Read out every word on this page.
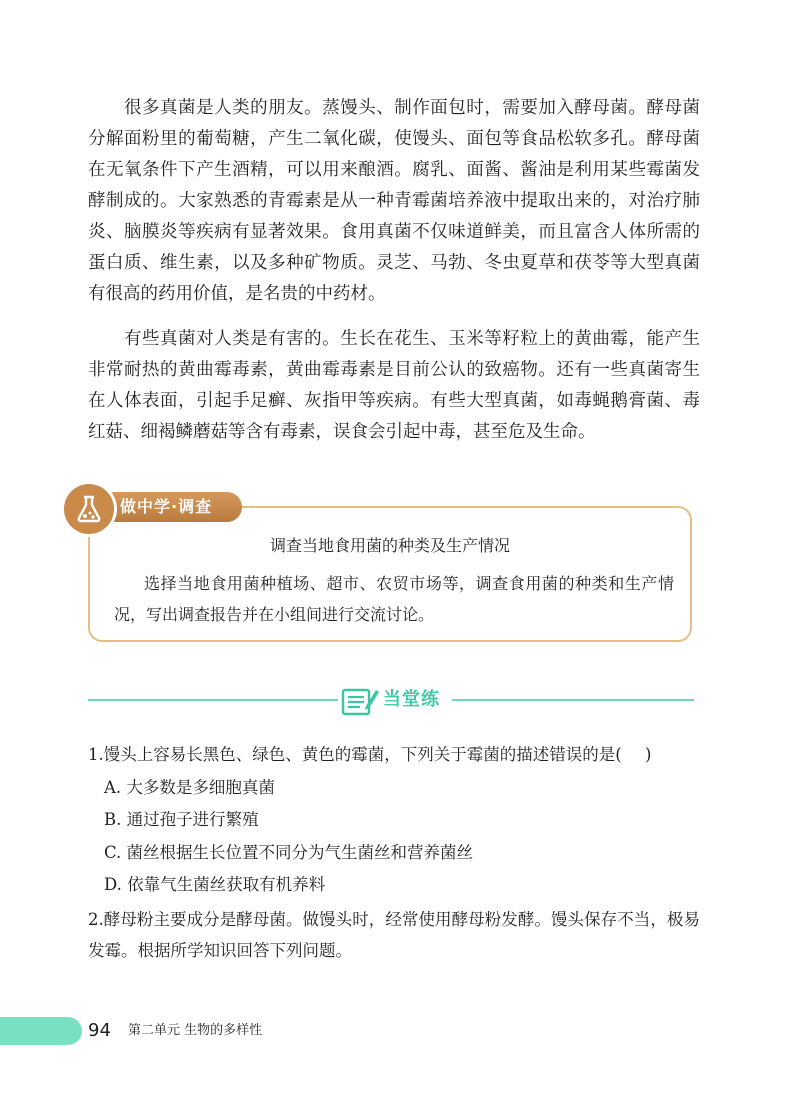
很多真菌是人类的朋友。蒸馒头、制作面包时，需要加入酵母菌。酵母菌分解面粉里的葡萄糖，产生二氧化碳，使馒头、面包等食品松软多孔。酵母菌在无氧条件下产生酒精，可以用来酿酒。腐乳、面酱、酱油是利用某些霉菌发酵制成的。大家熟悉的青霉素是从一种青霉菌培养液中提取出来的，对治疗肺炎、脑膜炎等疾病有显著效果。食用真菌不仅味道鲜美，而且富含人体所需的蛋白质、维生素，以及多种矿物质。灵芝、马勃、冬虫夏草和茯苓等大型真菌有很高的药用价值，是名贵的中药材。

有些真菌对人类是有害的。生长在花生、玉米等籽粒上的黄曲霉，能产生非常耐热的黄曲霉毒素，黄曲霉毒素是目前公认的致癌物。还有一些真菌寄生在人体表面，引起手足癣、灰指甲等疾病。有些大型真菌，如毒蝇鹅膏菌、毒红菇、细褐鳞蘑菇等含有毒素，误食会引起中毒，甚至危及生命。

做中学·调查
调查当地食用菌的种类及生产情况

选择当地食用菌种植场、超市、农贸市场等，调查食用菌的种类和生产情况，写出调查报告并在小组间进行交流讨论。

当堂练
1.馒头上容易长黑色、绿色、黄色的霉菌，下列关于霉菌的描述错误的是(	)
A. 大多数是多细胞真菌
B. 通过孢子进行繁殖
C. 菌丝根据生长位置不同分为气生菌丝和营养菌丝
D. 依靠气生菌丝获取有机养料
2.酵母粉主要成分是酵母菌。做馒头时，经常使用酵母粉发酵。馒头保存不当，极易发霉。根据所学知识回答下列问题。
94 第二单元 生物的多样性
